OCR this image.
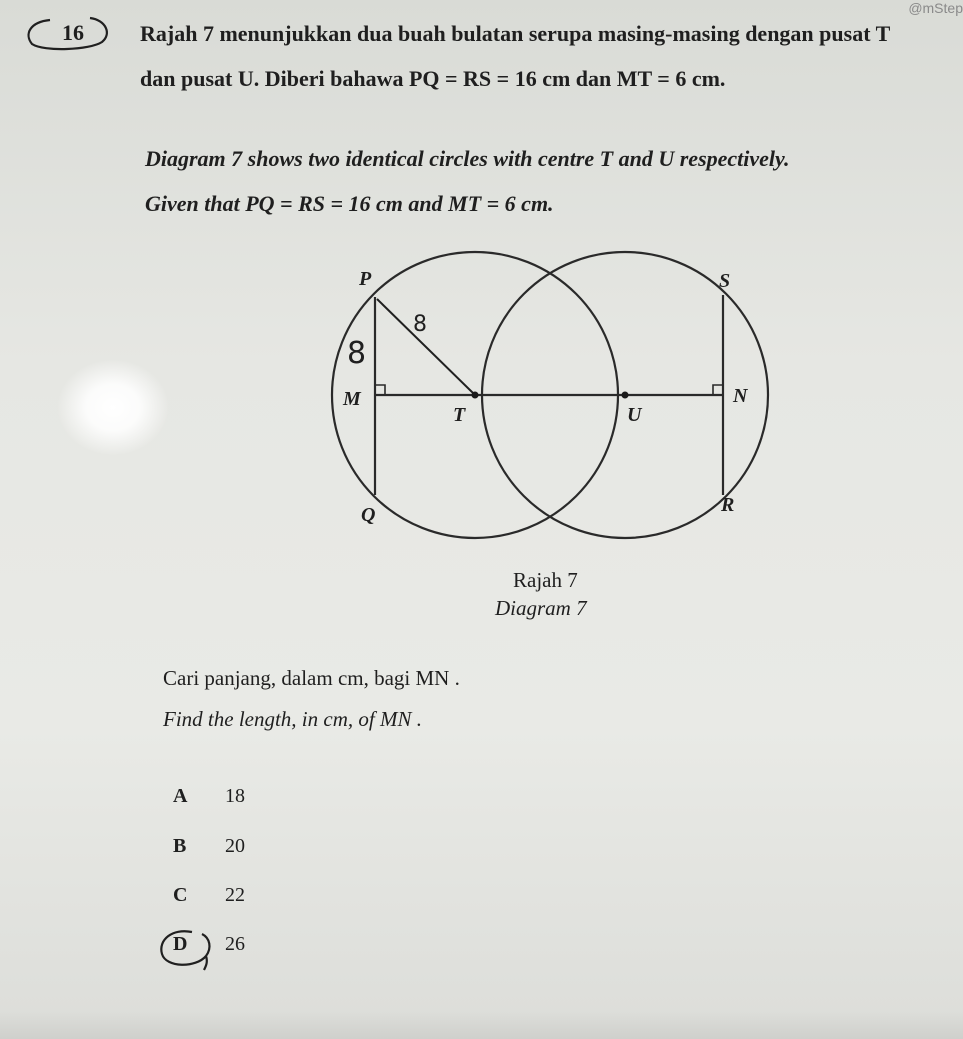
@mStep
16	Rajah 7 menunjukkan dua buah bulatan serupa masing-masing dengan pusat T
dan pusat U. Diberi bahawa PQ = RS = 16 cm dan MT = 6 cm.
Diagram 7 shows two identical circles with centre T and U respectively.
Given that PQ = RS = 16 cm and MT = 6 cm.
P	S
M
T	U
N
Q	R
8
8
Rajah 7
Diagram 7
Cari panjang, dalam cm, bagi MN .
Find the length, in cm, of MN .
A 18
B 20
C 22
D 26
